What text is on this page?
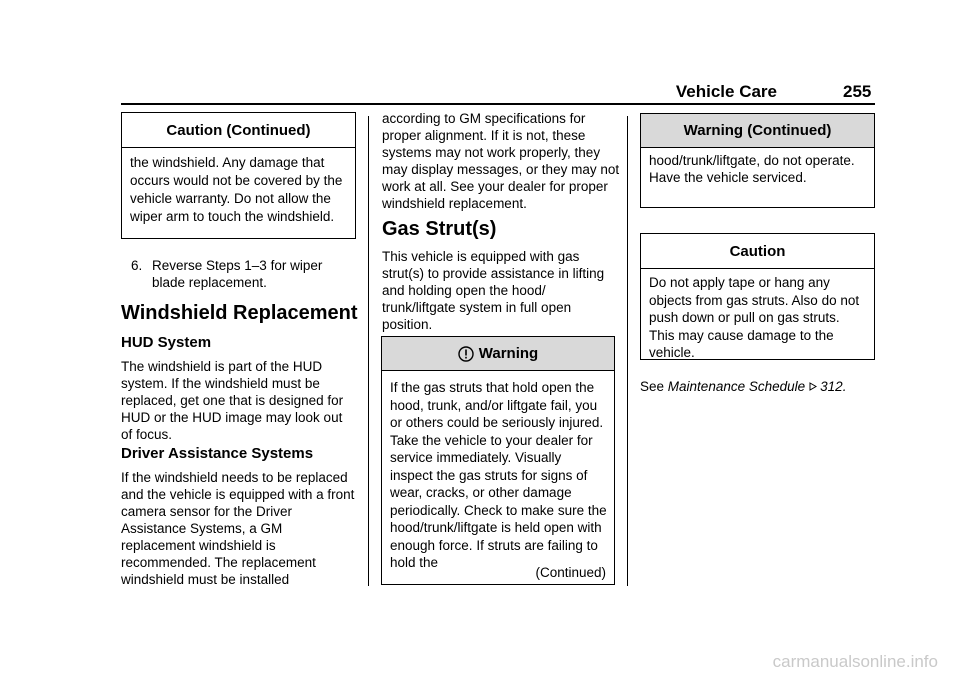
Vehicle Care	255
Caution (Continued)
the windshield. Any damage that occurs would not be covered by the vehicle warranty. Do not allow the wiper arm to touch the windshield.
6. Reverse Steps 1–3 for wiper blade replacement.
Windshield Replacement
HUD System
The windshield is part of the HUD system. If the windshield must be replaced, get one that is designed for HUD or the HUD image may look out of focus.
Driver Assistance Systems
If the windshield needs to be replaced and the vehicle is equipped with a front camera sensor for the Driver Assistance Systems, a GM replacement windshield is recommended. The replacement windshield must be installed
according to GM specifications for proper alignment. If it is not, these systems may not work properly, they may display messages, or they may not work at all. See your dealer for proper windshield replacement.
Gas Strut(s)
This vehicle is equipped with gas strut(s) to provide assistance in lifting and holding open the hood/ trunk/liftgate system in full open position.
Warning
If the gas struts that hold open the hood, trunk, and/or liftgate fail, you or others could be seriously injured. Take the vehicle to your dealer for service immediately. Visually inspect the gas struts for signs of wear, cracks, or other damage periodically. Check to make sure the hood/trunk/liftgate is held open with enough force. If struts are failing to hold the
(Continued)
Warning (Continued)
hood/trunk/liftgate, do not operate. Have the vehicle serviced.
Caution
Do not apply tape or hang any objects from gas struts. Also do not push down or pull on gas struts. This may cause damage to the vehicle.
See Maintenance Schedule 312.
carmanualsonline.info
